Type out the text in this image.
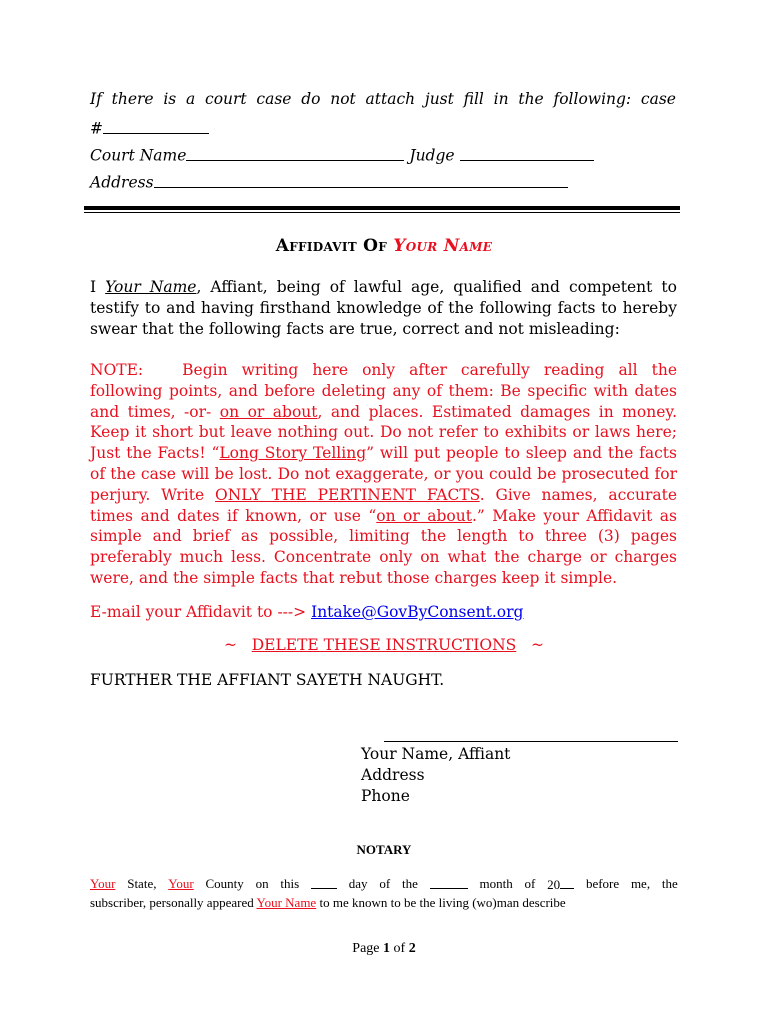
If there is a court case do not attach just fill in the following: case
#
Court Name	Judge
Address
Affidavit Of Your Name
I Your Name, Affiant, being of lawful age, qualified and competent to testify to and having firsthand knowledge of the following facts to hereby swear that the following facts are true, correct and not misleading:
NOTE:	Begin writing here only after carefully reading all the following points, and before deleting any of them: Be specific with dates and times, -or- on or about, and places. Estimated damages in money. Keep it short but leave nothing out. Do not refer to exhibits or laws here; Just the Facts! “Long Story Telling” will put people to sleep and the facts of the case will be lost. Do not exaggerate, or you could be prosecuted for perjury. Write ONLY THE PERTINENT FACTS. Give names, accurate times and dates if known, or use “on or about.” Make your Affidavit as simple and brief as possible, limiting the length to three (3) pages preferably much less. Concentrate only on what the charge or charges were, and the simple facts that rebut those charges keep it simple.
E-mail your Affidavit to ---> Intake@GovByConsent.org
~ DELETE THESE INSTRUCTIONS ~
FURTHER THE AFFIANT SAYETH NAUGHT.
Your Name, Affiant
Address
Phone
NOTARY
Your State, Your County on this	day of the	month of 20	before me, the
subscriber, personally appeared Your Name to me known to be the living (wo)man describe
Page 1 of 2
